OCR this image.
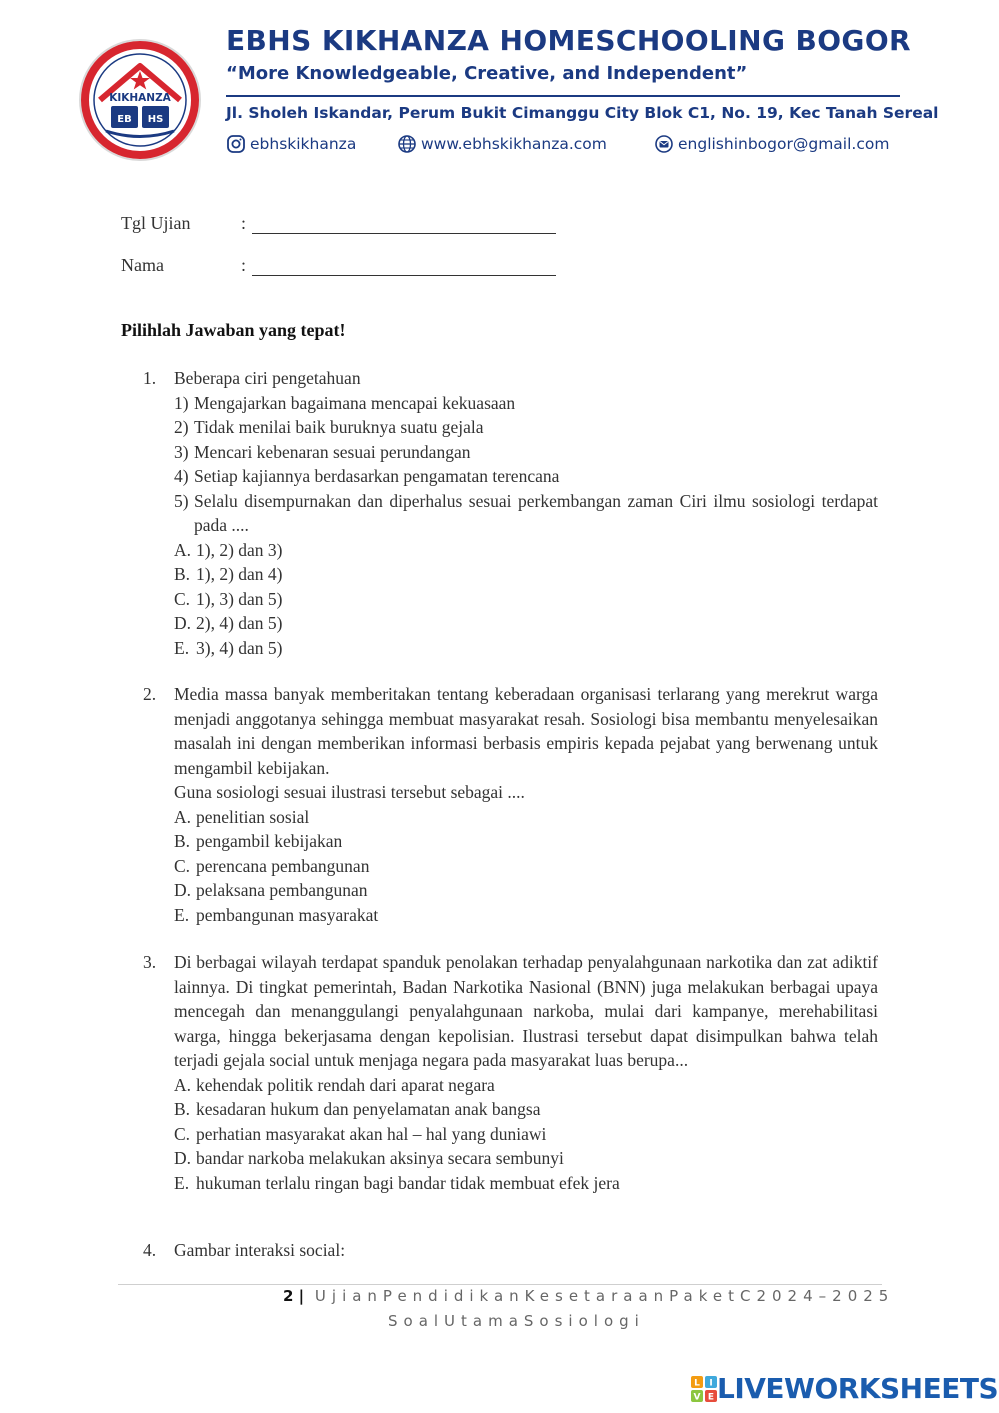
KIKHANZA
EB HS
EBHS KIKHANZA HOMESCHOOLING BOGOR
“More Knowledgeable, Creative, and Independent”
Jl. Sholeh Iskandar, Perum Bukit Cimanggu City Blok C1, No. 19, Kec Tanah Sereal
ebhskikhanza	www.ebhskikhanza.com	englishinbogor@gmail.com
Tgl Ujian	:
Nama	:
Pilihlah Jawaban yang tepat!
1. Beberapa ciri pengetahuan
1) Mengajarkan bagaimana mencapai kekuasaan
2) Tidak menilai baik buruknya suatu gejala
3) Mencari kebenaran sesuai perundangan
4) Setiap kajiannya berdasarkan pengamatan terencana
5) Selalu disempurnakan dan diperhalus sesuai perkembangan zaman Ciri ilmu sosiologi terdapat pada ....
A. 1), 2) dan 3)
B. 1), 2) dan 4)
C. 1), 3) dan 5)
D. 2), 4) dan 5)
E. 3), 4) dan 5)
2. Media massa banyak memberitakan tentang keberadaan organisasi terlarang yang merekrut warga menjadi anggotanya sehingga membuat masyarakat resah. Sosiologi bisa membantu menyelesaikan masalah ini dengan memberikan informasi berbasis empiris kepada pejabat yang berwenang untuk mengambil kebijakan.
Guna sosiologi sesuai ilustrasi tersebut sebagai ....
A. penelitian sosial
B. pengambil kebijakan
C. perencana pembangunan
D. pelaksana pembangunan
E. pembangunan masyarakat
3. Di berbagai wilayah terdapat spanduk penolakan terhadap penyalahgunaan narkotika dan zat adiktif lainnya. Di tingkat pemerintah, Badan Narkotika Nasional (BNN) juga melakukan berbagai upaya mencegah dan menanggulangi penyalahgunaan narkoba, mulai dari kampanye, merehabilitasi warga, hingga bekerjasama dengan kepolisian. Ilustrasi tersebut dapat disimpulkan bahwa telah terjadi gejala social untuk menjaga negara pada masyarakat luas berupa...
A. kehendak politik rendah dari aparat negara
B. kesadaran hukum dan penyelamatan anak bangsa
C. perhatian masyarakat akan hal – hal yang duniawi
D. bandar narkoba melakukan aksinya secara sembunyi
E. hukuman terlalu ringan bagi bandar tidak membuat efek jera
4. Gambar interaksi social:
2 | UjianPendidikanKesetaraanPaketC2024–2025
SoalUtamaSosiologi
L I
V E LIVEWORKSHEETS
